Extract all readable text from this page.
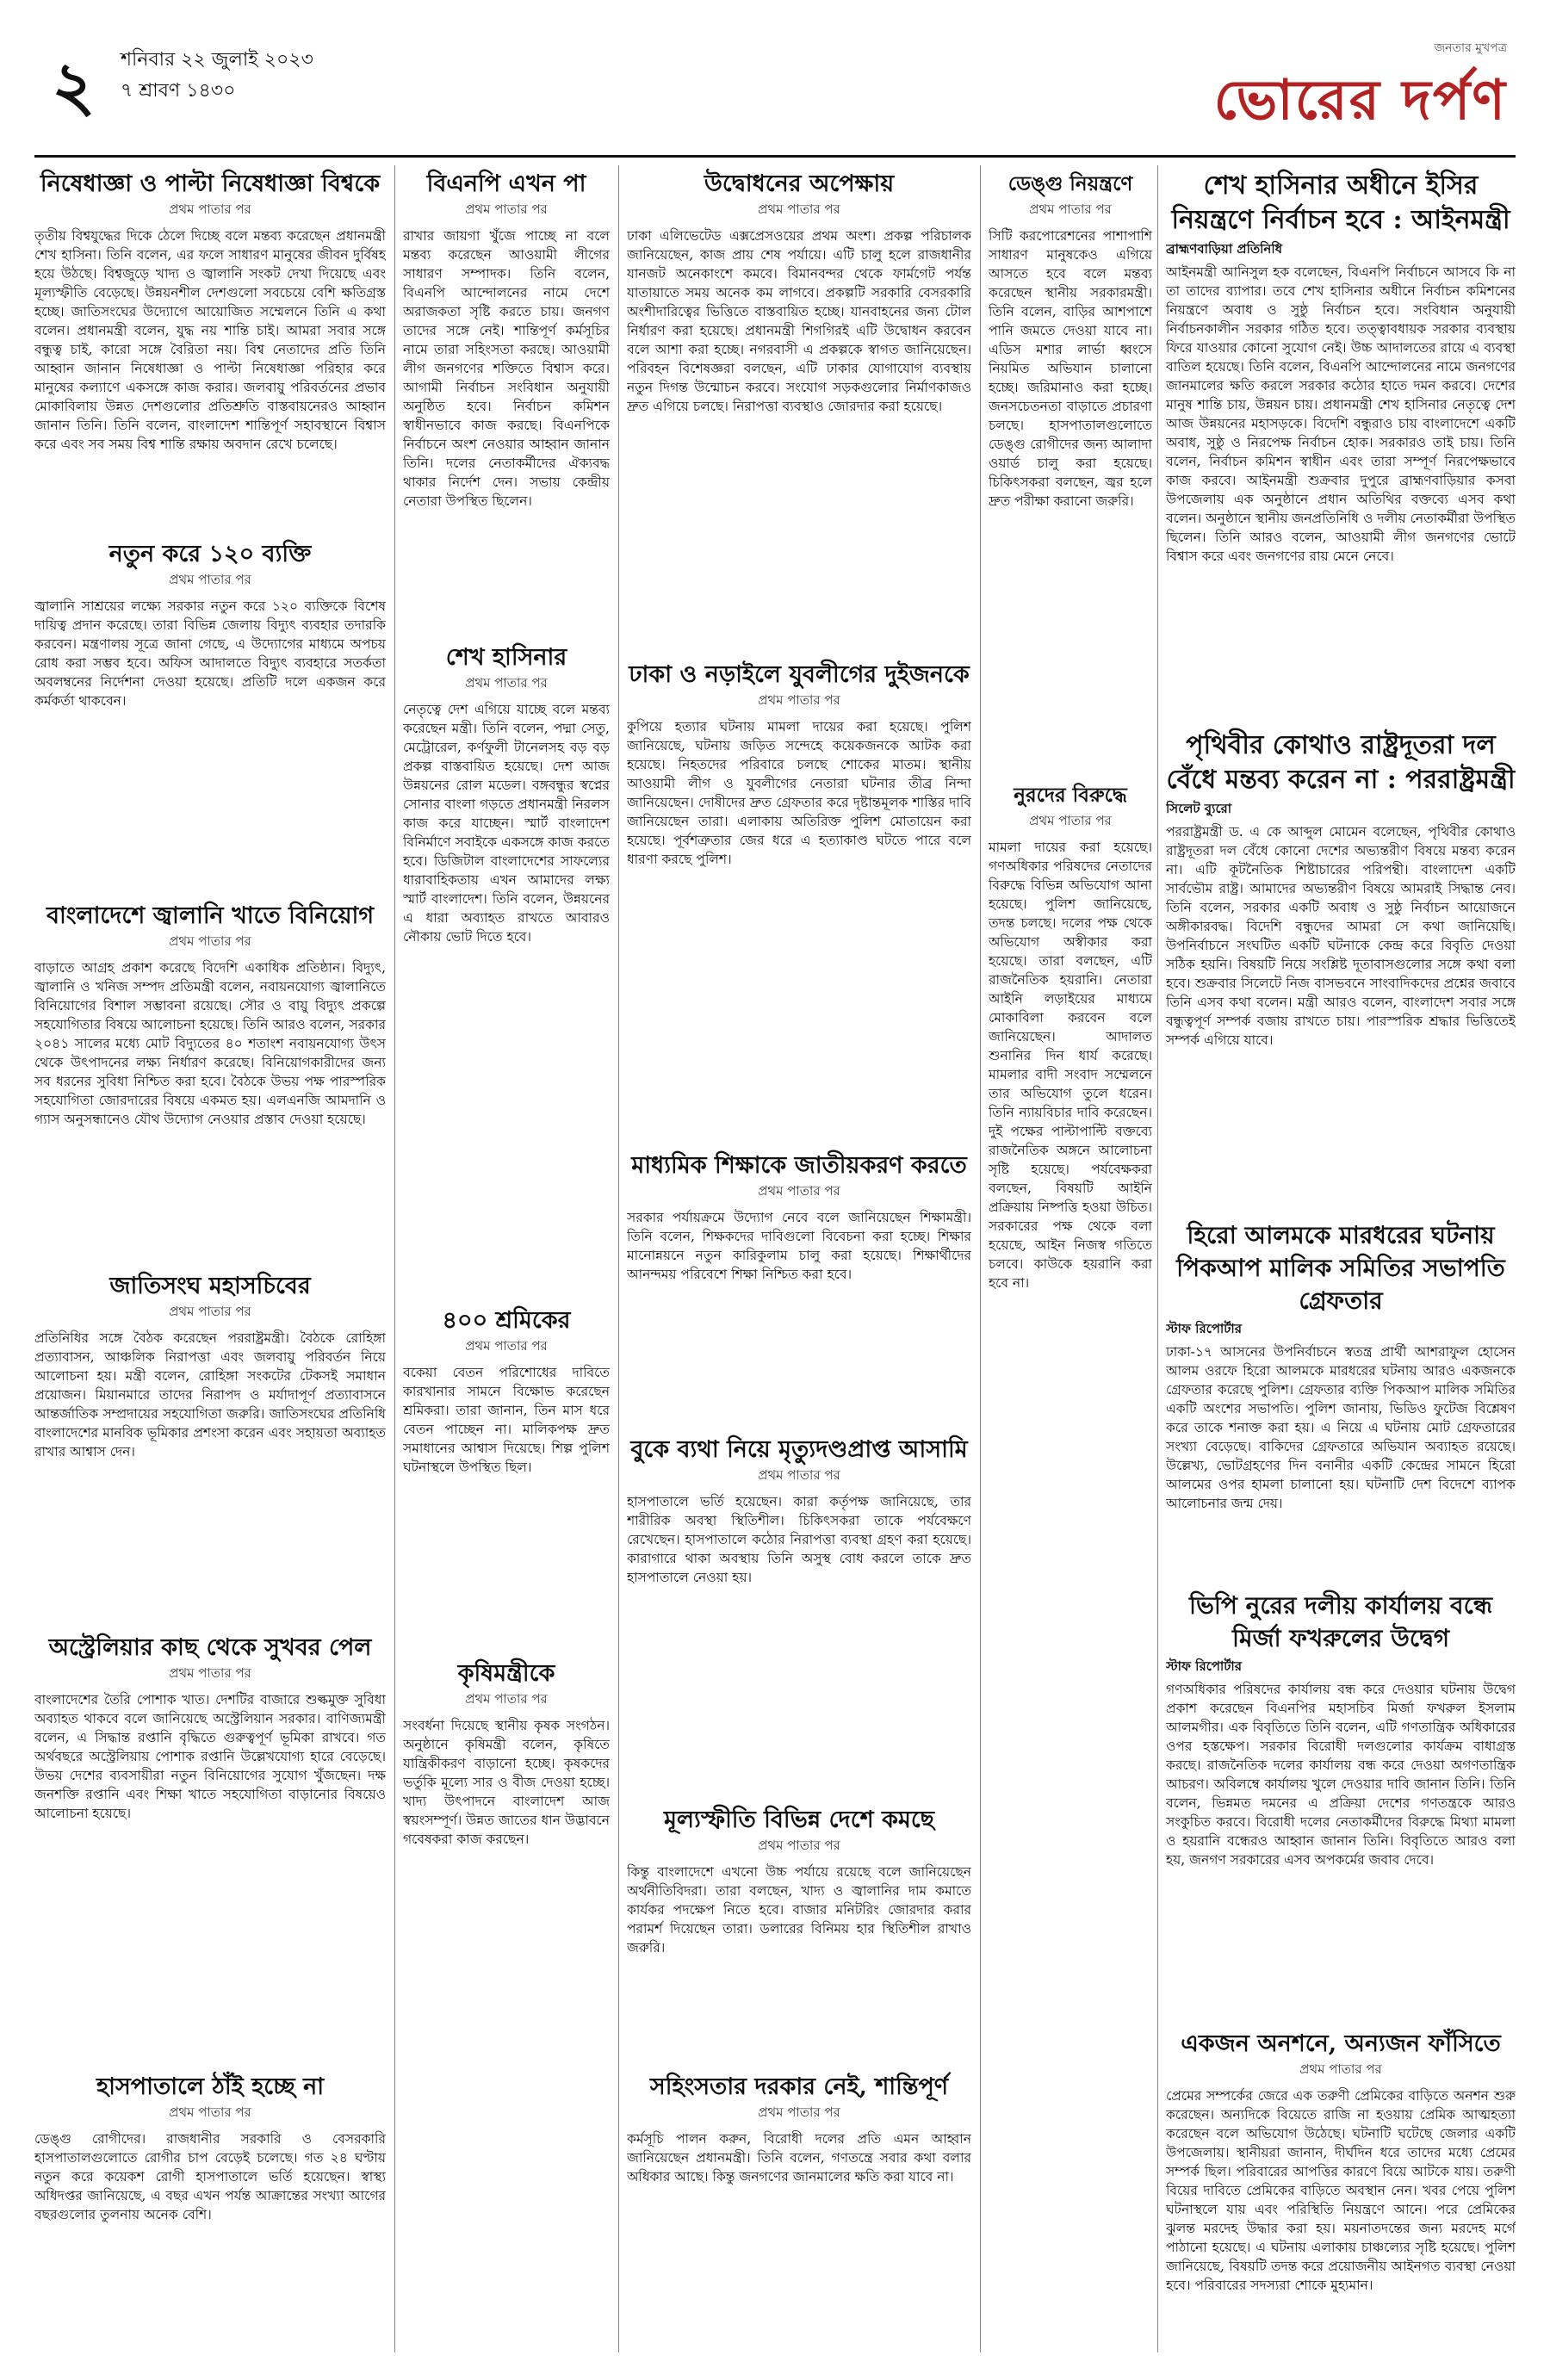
২ শনিবার ২২ জুলাই ২০২৩
৭ শ্রাবণ ১৪৩০
জনতার মুখপত্র
ভোরের দর্পণ
নিষেধাজ্ঞা ও পাল্টা নিষেধাজ্ঞা বিশ্বকে
প্রথম পাতার পর

তৃতীয় বিশ্বযুদ্ধের দিকে ঠেলে দিচ্ছে বলে মন্তব্য করেছেন প্রধানমন্ত্রী শেখ হাসিনা। তিনি বলেন, এর ফলে সাধারণ মানুষের জীবন দুর্বিষহ হয়ে উঠছে। বিশ্বজুড়ে খাদ্য ও জ্বালানি সংকট দেখা দিয়েছে এবং মূল্যস্ফীতি বেড়েছে। উন্নয়নশীল দেশগুলো সবচেয়ে বেশি ক্ষতিগ্রস্ত হচ্ছে। জাতিসংঘের উদ্যোগে আয়োজিত সম্মেলনে তিনি এ কথা বলেন। প্রধানমন্ত্রী বলেন, যুদ্ধ নয় শান্তি চাই। আমরা সবার সঙ্গে বন্ধুত্ব চাই, কারো সঙ্গে বৈরিতা নয়। বিশ্ব নেতাদের প্রতি তিনি আহ্বান জানান নিষেধাজ্ঞা ও পাল্টা নিষেধাজ্ঞা পরিহার করে মানুষের কল্যাণে একসঙ্গে কাজ করার। জলবায়ু পরিবর্তনের প্রভাব মোকাবিলায় উন্নত দেশগুলোর প্রতিশ্রুতি বাস্তবায়নেরও আহ্বান জানান তিনি। তিনি বলেন, বাংলাদেশ শান্তিপূর্ণ সহাবস্থানে বিশ্বাস করে এবং সব সময় বিশ্ব শান্তি রক্ষায় অবদান রেখে চলেছে।

নতুন করে ১২০ ব্যক্তি
প্রথম পাতার পর

জ্বালানি সাশ্রয়ের লক্ষ্যে সরকার নতুন করে ১২০ ব্যক্তিকে বিশেষ দায়িত্ব প্রদান করেছে। তারা বিভিন্ন জেলায় বিদ্যুৎ ব্যবহার তদারকি করবেন। মন্ত্রণালয় সূত্রে জানা গেছে, এ উদ্যোগের মাধ্যমে অপচয় রোধ করা সম্ভব হবে। অফিস আদালতে বিদ্যুৎ ব্যবহারে সতর্কতা অবলম্বনের নির্দেশনা দেওয়া হয়েছে। প্রতিটি দলে একজন করে কর্মকর্তা থাকবেন।

বাংলাদেশে জ্বালানি খাতে বিনিয়োগ
প্রথম পাতার পর

বাড়াতে আগ্রহ প্রকাশ করেছে বিদেশি একাধিক প্রতিষ্ঠান। বিদ্যুৎ, জ্বালানি ও খনিজ সম্পদ প্রতিমন্ত্রী বলেন, নবায়নযোগ্য জ্বালানিতে বিনিয়োগের বিশাল সম্ভাবনা রয়েছে। সৌর ও বায়ু বিদ্যুৎ প্রকল্পে সহযোগিতার বিষয়ে আলোচনা হয়েছে। তিনি আরও বলেন, সরকার ২০৪১ সালের মধ্যে মোট বিদ্যুতের ৪০ শতাংশ নবায়নযোগ্য উৎস থেকে উৎপাদনের লক্ষ্য নির্ধারণ করেছে। বিনিয়োগকারীদের জন্য সব ধরনের সুবিধা নিশ্চিত করা হবে। বৈঠকে উভয় পক্ষ পারস্পরিক সহযোগিতা জোরদারের বিষয়ে একমত হয়। এলএনজি আমদানি ও গ্যাস অনুসন্ধানেও যৌথ উদ্যোগ নেওয়ার প্রস্তাব দেওয়া হয়েছে।

জাতিসংঘ মহাসচিবের
প্রথম পাতার পর

প্রতিনিধির সঙ্গে বৈঠক করেছেন পররাষ্ট্রমন্ত্রী। বৈঠকে রোহিঙ্গা প্রত্যাবাসন, আঞ্চলিক নিরাপত্তা এবং জলবায়ু পরিবর্তন নিয়ে আলোচনা হয়। মন্ত্রী বলেন, রোহিঙ্গা সংকটের টেকসই সমাধান প্রয়োজন। মিয়ানমারে তাদের নিরাপদ ও মর্যাদাপূর্ণ প্রত্যাবাসনে আন্তর্জাতিক সম্প্রদায়ের সহযোগিতা জরুরি। জাতিসংঘের প্রতিনিধি বাংলাদেশের মানবিক ভূমিকার প্রশংসা করেন এবং সহায়তা অব্যাহত রাখার আশ্বাস দেন।

অস্ট্রেলিয়ার কাছ থেকে সুখবর পেল
প্রথম পাতার পর

বাংলাদেশের তৈরি পোশাক খাত। দেশটির বাজারে শুল্কমুক্ত সুবিধা অব্যাহত থাকবে বলে জানিয়েছে অস্ট্রেলিয়ান সরকার। বাণিজ্যমন্ত্রী বলেন, এ সিদ্ধান্ত রপ্তানি বৃদ্ধিতে গুরুত্বপূর্ণ ভূমিকা রাখবে। গত অর্থবছরে অস্ট্রেলিয়ায় পোশাক রপ্তানি উল্লেখযোগ্য হারে বেড়েছে। উভয় দেশের ব্যবসায়ীরা নতুন বিনিয়োগের সুযোগ খুঁজছেন। দক্ষ জনশক্তি রপ্তানি এবং শিক্ষা খাতে সহযোগিতা বাড়ানোর বিষয়েও আলোচনা হয়েছে।

হাসপাতালে ঠাঁই হচ্ছে না
প্রথম পাতার পর

ডেঙ্গু রোগীদের। রাজধানীর সরকারি ও বেসরকারি হাসপাতালগুলোতে রোগীর চাপ বেড়েই চলেছে। গত ২৪ ঘণ্টায় নতুন করে কয়েকশ রোগী হাসপাতালে ভর্তি হয়েছেন। স্বাস্থ্য অধিদপ্তর জানিয়েছে, এ বছর এখন পর্যন্ত আক্রান্তের সংখ্যা আগের বছরগুলোর তুলনায় অনেক বেশি।

বিএনপি এখন পা
প্রথম পাতার পর

রাখার জায়গা খুঁজে পাচ্ছে না বলে মন্তব্য করেছেন আওয়ামী লীগের সাধারণ সম্পাদক। তিনি বলেন, বিএনপি আন্দোলনের নামে দেশে অরাজকতা সৃষ্টি করতে চায়। জনগণ তাদের সঙ্গে নেই। শান্তিপূর্ণ কর্মসূচির নামে তারা সহিংসতা করছে। আওয়ামী লীগ জনগণের শক্তিতে বিশ্বাস করে। আগামী নির্বাচন সংবিধান অনুযায়ী অনুষ্ঠিত হবে। নির্বাচন কমিশন স্বাধীনভাবে কাজ করছে। বিএনপিকে নির্বাচনে অংশ নেওয়ার আহ্বান জানান তিনি। দলের নেতাকর্মীদের ঐক্যবদ্ধ থাকার নির্দেশ দেন। সভায় কেন্দ্রীয় নেতারা উপস্থিত ছিলেন।

শেখ হাসিনার
প্রথম পাতার পর

নেতৃত্বে দেশ এগিয়ে যাচ্ছে বলে মন্তব্য করেছেন মন্ত্রী। তিনি বলেন, পদ্মা সেতু, মেট্রোরেল, কর্ণফুলী টানেলসহ বড় বড় প্রকল্প বাস্তবায়িত হয়েছে। দেশ আজ উন্নয়নের রোল মডেল। বঙ্গবন্ধুর স্বপ্নের সোনার বাংলা গড়তে প্রধানমন্ত্রী নিরলস কাজ করে যাচ্ছেন। স্মার্ট বাংলাদেশ বিনির্মাণে সবাইকে একসঙ্গে কাজ করতে হবে। ডিজিটাল বাংলাদেশের সাফল্যের ধারাবাহিকতায় এখন আমাদের লক্ষ্য স্মার্ট বাংলাদেশ। তিনি বলেন, উন্নয়নের এ ধারা অব্যাহত রাখতে আবারও নৌকায় ভোট দিতে হবে।

৪০০ শ্রমিকের
প্রথম পাতার পর

বকেয়া বেতন পরিশোধের দাবিতে কারখানার সামনে বিক্ষোভ করেছেন শ্রমিকরা। তারা জানান, তিন মাস ধরে বেতন পাচ্ছেন না। মালিকপক্ষ দ্রুত সমাধানের আশ্বাস দিয়েছে। শিল্প পুলিশ ঘটনাস্থলে উপস্থিত ছিল।

কৃষিমন্ত্রীকে
প্রথম পাতার পর

সংবর্ধনা দিয়েছে স্থানীয় কৃষক সংগঠন। অনুষ্ঠানে কৃষিমন্ত্রী বলেন, কৃষিতে যান্ত্রিকীকরণ বাড়ানো হচ্ছে। কৃষকদের ভর্তুকি মূল্যে সার ও বীজ দেওয়া হচ্ছে। খাদ্য উৎপাদনে বাংলাদেশ আজ স্বয়ংসম্পূর্ণ। উন্নত জাতের ধান উদ্ভাবনে গবেষকরা কাজ করছেন।

উদ্বোধনের অপেক্ষায়
প্রথম পাতার পর

ঢাকা এলিভেটেড এক্সপ্রেসওয়ের প্রথম অংশ। প্রকল্প পরিচালক জানিয়েছেন, কাজ প্রায় শেষ পর্যায়ে। এটি চালু হলে রাজধানীর যানজট অনেকাংশে কমবে। বিমানবন্দর থেকে ফার্মগেট পর্যন্ত যাতায়াতে সময় অনেক কম লাগবে। প্রকল্পটি সরকারি বেসরকারি অংশীদারিত্বের ভিত্তিতে বাস্তবায়িত হচ্ছে। যানবাহনের জন্য টোল নির্ধারণ করা হয়েছে। প্রধানমন্ত্রী শিগগিরই এটি উদ্বোধন করবেন বলে আশা করা হচ্ছে। নগরবাসী এ প্রকল্পকে স্বাগত জানিয়েছেন। পরিবহন বিশেষজ্ঞরা বলছেন, এটি ঢাকার যোগাযোগ ব্যবস্থায় নতুন দিগন্ত উন্মোচন করবে। সংযোগ সড়কগুলোর নির্মাণকাজও দ্রুত এগিয়ে চলছে। নিরাপত্তা ব্যবস্থাও জোরদার করা হয়েছে।

ঢাকা ও নড়াইলে যুবলীগের দুইজনকে
প্রথম পাতার পর

কুপিয়ে হত্যার ঘটনায় মামলা দায়ের করা হয়েছে। পুলিশ জানিয়েছে, ঘটনায় জড়িত সন্দেহে কয়েকজনকে আটক করা হয়েছে। নিহতদের পরিবারে চলছে শোকের মাতম। স্থানীয় আওয়ামী লীগ ও যুবলীগের নেতারা ঘটনার তীব্র নিন্দা জানিয়েছেন। দোষীদের দ্রুত গ্রেফতার করে দৃষ্টান্তমূলক শাস্তির দাবি জানিয়েছেন তারা। এলাকায় অতিরিক্ত পুলিশ মোতায়েন করা হয়েছে। পূর্বশত্রুতার জের ধরে এ হত্যাকাণ্ড ঘটতে পারে বলে ধারণা করছে পুলিশ।

মাধ্যমিক শিক্ষাকে জাতীয়করণ করতে
প্রথম পাতার পর

সরকার পর্যায়ক্রমে উদ্যোগ নেবে বলে জানিয়েছেন শিক্ষামন্ত্রী। তিনি বলেন, শিক্ষকদের দাবিগুলো বিবেচনা করা হচ্ছে। শিক্ষার মানোন্নয়নে নতুন কারিকুলাম চালু করা হয়েছে। শিক্ষার্থীদের আনন্দময় পরিবেশে শিক্ষা নিশ্চিত করা হবে।

বুকে ব্যথা নিয়ে মৃত্যুদণ্ডপ্রাপ্ত আসামি
প্রথম পাতার পর

হাসপাতালে ভর্তি হয়েছেন। কারা কর্তৃপক্ষ জানিয়েছে, তার শারীরিক অবস্থা স্থিতিশীল। চিকিৎসকরা তাকে পর্যবেক্ষণে রেখেছেন। হাসপাতালে কঠোর নিরাপত্তা ব্যবস্থা গ্রহণ করা হয়েছে। কারাগারে থাকা অবস্থায় তিনি অসুস্থ বোধ করলে তাকে দ্রুত হাসপাতালে নেওয়া হয়।

মূল্যস্ফীতি বিভিন্ন দেশে কমছে
প্রথম পাতার পর

কিন্তু বাংলাদেশে এখনো উচ্চ পর্যায়ে রয়েছে বলে জানিয়েছেন অর্থনীতিবিদরা। তারা বলছেন, খাদ্য ও জ্বালানির দাম কমাতে কার্যকর পদক্ষেপ নিতে হবে। বাজার মনিটরিং জোরদার করার পরামর্শ দিয়েছেন তারা। ডলারের বিনিময় হার স্থিতিশীল রাখাও জরুরি।

সহিংসতার দরকার নেই, শান্তিপূর্ণ
প্রথম পাতার পর

কর্মসূচি পালন করুন, বিরোধী দলের প্রতি এমন আহ্বান জানিয়েছেন প্রধানমন্ত্রী। তিনি বলেন, গণতন্ত্রে সবার কথা বলার অধিকার আছে। কিন্তু জনগণের জানমালের ক্ষতি করা যাবে না।

ডেঙ্গু নিয়ন্ত্রণে
প্রথম পাতার পর

সিটি করপোরেশনের পাশাপাশি সাধারণ মানুষকেও এগিয়ে আসতে হবে বলে মন্তব্য করেছেন স্থানীয় সরকারমন্ত্রী। তিনি বলেন, বাড়ির আশপাশে পানি জমতে দেওয়া যাবে না। এডিস মশার লার্ভা ধ্বংসে নিয়মিত অভিযান চালানো হচ্ছে। জরিমানাও করা হচ্ছে। জনসচেতনতা বাড়াতে প্রচারণা চলছে। হাসপাতালগুলোতে ডেঙ্গু রোগীদের জন্য আলাদা ওয়ার্ড চালু করা হয়েছে। চিকিৎসকরা বলছেন, জ্বর হলে দ্রুত পরীক্ষা করানো জরুরি।

নুরদের বিরুদ্ধে
প্রথম পাতার পর

মামলা দায়ের করা হয়েছে। গণঅধিকার পরিষদের নেতাদের বিরুদ্ধে বিভিন্ন অভিযোগ আনা হয়েছে। পুলিশ জানিয়েছে, তদন্ত চলছে। দলের পক্ষ থেকে অভিযোগ অস্বীকার করা হয়েছে। তারা বলছেন, এটি রাজনৈতিক হয়রানি। নেতারা আইনি লড়াইয়ের মাধ্যমে মোকাবিলা করবেন বলে জানিয়েছেন। আদালত শুনানির দিন ধার্য করেছে। মামলার বাদী সংবাদ সম্মেলনে তার অভিযোগ তুলে ধরেন। তিনি ন্যায়বিচার দাবি করেছেন। দুই পক্ষের পাল্টাপাল্টি বক্তব্যে রাজনৈতিক অঙ্গনে আলোচনা সৃষ্টি হয়েছে। পর্যবেক্ষকরা বলছেন, বিষয়টি আইনি প্রক্রিয়ায় নিষ্পত্তি হওয়া উচিত। সরকারের পক্ষ থেকে বলা হয়েছে, আইন নিজস্ব গতিতে চলবে। কাউকে হয়রানি করা হবে না।

শেখ হাসিনার অধীনে ইসির নিয়ন্ত্রণে নির্বাচন হবে : আইনমন্ত্রী
ব্রাহ্মণবাড়িয়া প্রতিনিধি

আইনমন্ত্রী আনিসুল হক বলেছেন, বিএনপি নির্বাচনে আসবে কি না তা তাদের ব্যাপার। তবে শেখ হাসিনার অধীনে নির্বাচন কমিশনের নিয়ন্ত্রণে অবাধ ও সুষ্ঠু নির্বাচন হবে। সংবিধান অনুযায়ী নির্বাচনকালীন সরকার গঠিত হবে। তত্ত্বাবধায়ক সরকার ব্যবস্থায় ফিরে যাওয়ার কোনো সুযোগ নেই। উচ্চ আদালতের রায়ে এ ব্যবস্থা বাতিল হয়েছে। তিনি বলেন, বিএনপি আন্দোলনের নামে জনগণের জানমালের ক্ষতি করলে সরকার কঠোর হাতে দমন করবে। দেশের মানুষ শান্তি চায়, উন্নয়ন চায়। প্রধানমন্ত্রী শেখ হাসিনার নেতৃত্বে দেশ আজ উন্নয়নের মহাসড়কে। বিদেশি বন্ধুরাও চায় বাংলাদেশে একটি অবাধ, সুষ্ঠু ও নিরপেক্ষ নির্বাচন হোক। সরকারও তাই চায়। তিনি বলেন, নির্বাচন কমিশন স্বাধীন এবং তারা সম্পূর্ণ নিরপেক্ষভাবে কাজ করবে। আইনমন্ত্রী শুক্রবার দুপুরে ব্রাহ্মণবাড়িয়ার কসবা উপজেলায় এক অনুষ্ঠানে প্রধান অতিথির বক্তব্যে এসব কথা বলেন। অনুষ্ঠানে স্থানীয় জনপ্রতিনিধি ও দলীয় নেতাকর্মীরা উপস্থিত ছিলেন। তিনি আরও বলেন, আওয়ামী লীগ জনগণের ভোটে বিশ্বাস করে এবং জনগণের রায় মেনে নেবে।

পৃথিবীর কোথাও রাষ্ট্রদূতরা দল বেঁধে মন্তব্য করেন না : পররাষ্ট্রমন্ত্রী
সিলেট ব্যুরো

পররাষ্ট্রমন্ত্রী ড. এ কে আব্দুল মোমেন বলেছেন, পৃথিবীর কোথাও রাষ্ট্রদূতরা দল বেঁধে কোনো দেশের অভ্যন্তরীণ বিষয়ে মন্তব্য করেন না। এটি কূটনৈতিক শিষ্টাচারের পরিপন্থী। বাংলাদেশ একটি সার্বভৌম রাষ্ট্র। আমাদের অভ্যন্তরীণ বিষয়ে আমরাই সিদ্ধান্ত নেব। তিনি বলেন, সরকার একটি অবাধ ও সুষ্ঠু নির্বাচন আয়োজনে অঙ্গীকারবদ্ধ। বিদেশি বন্ধুদের আমরা সে কথা জানিয়েছি। উপনির্বাচনে সংঘটিত একটি ঘটনাকে কেন্দ্র করে বিবৃতি দেওয়া সঠিক হয়নি। বিষয়টি নিয়ে সংশ্লিষ্ট দূতাবাসগুলোর সঙ্গে কথা বলা হবে। শুক্রবার সিলেটে নিজ বাসভবনে সাংবাদিকদের প্রশ্নের জবাবে তিনি এসব কথা বলেন। মন্ত্রী আরও বলেন, বাংলাদেশ সবার সঙ্গে বন্ধুত্বপূর্ণ সম্পর্ক বজায় রাখতে চায়। পারস্পরিক শ্রদ্ধার ভিত্তিতেই সম্পর্ক এগিয়ে যাবে।

হিরো আলমকে মারধরের ঘটনায় পিকআপ মালিক সমিতির সভাপতি গ্রেফতার
স্টাফ রিপোর্টার

ঢাকা-১৭ আসনের উপনির্বাচনে স্বতন্ত্র প্রার্থী আশরাফুল হোসেন আলম ওরফে হিরো আলমকে মারধরের ঘটনায় আরও একজনকে গ্রেফতার করেছে পুলিশ। গ্রেফতার ব্যক্তি পিকআপ মালিক সমিতির একটি অংশের সভাপতি। পুলিশ জানায়, ভিডিও ফুটেজ বিশ্লেষণ করে তাকে শনাক্ত করা হয়। এ নিয়ে এ ঘটনায় মোট গ্রেফতারের সংখ্যা বেড়েছে। বাকিদের গ্রেফতারে অভিযান অব্যাহত রয়েছে। উল্লেখ্য, ভোটগ্রহণের দিন বনানীর একটি কেন্দ্রের সামনে হিরো আলমের ওপর হামলা চালানো হয়। ঘটনাটি দেশ বিদেশে ব্যাপক আলোচনার জন্ম দেয়।

ভিপি নুরের দলীয় কার্যালয় বন্ধে মির্জা ফখরুলের উদ্বেগ
স্টাফ রিপোর্টার

গণঅধিকার পরিষদের কার্যালয় বন্ধ করে দেওয়ার ঘটনায় উদ্বেগ প্রকাশ করেছেন বিএনপির মহাসচিব মির্জা ফখরুল ইসলাম আলমগীর। এক বিবৃতিতে তিনি বলেন, এটি গণতান্ত্রিক অধিকারের ওপর হস্তক্ষেপ। সরকার বিরোধী দলগুলোর কার্যক্রম বাধাগ্রস্ত করছে। রাজনৈতিক দলের কার্যালয় বন্ধ করে দেওয়া অগণতান্ত্রিক আচরণ। অবিলম্বে কার্যালয় খুলে দেওয়ার দাবি জানান তিনি। তিনি বলেন, ভিন্নমত দমনের এ প্রক্রিয়া দেশের গণতন্ত্রকে আরও সংকুচিত করবে। বিরোধী দলের নেতাকর্মীদের বিরুদ্ধে মিথ্যা মামলা ও হয়রানি বন্ধেরও আহ্বান জানান তিনি। বিবৃতিতে আরও বলা হয়, জনগণ সরকারের এসব অপকর্মের জবাব দেবে।

একজন অনশনে, অন্যজন ফাঁসিতে
প্রথম পাতার পর

প্রেমের সম্পর্কের জেরে এক তরুণী প্রেমিকের বাড়িতে অনশন শুরু করেছেন। অন্যদিকে বিয়েতে রাজি না হওয়ায় প্রেমিক আত্মহত্যা করেছেন বলে অভিযোগ উঠেছে। ঘটনাটি ঘটেছে জেলার একটি উপজেলায়। স্থানীয়রা জানান, দীর্ঘদিন ধরে তাদের মধ্যে প্রেমের সম্পর্ক ছিল। পরিবারের আপত্তির কারণে বিয়ে আটকে যায়। তরুণী বিয়ের দাবিতে প্রেমিকের বাড়িতে অবস্থান নেন। খবর পেয়ে পুলিশ ঘটনাস্থলে যায় এবং পরিস্থিতি নিয়ন্ত্রণে আনে। পরে প্রেমিকের ঝুলন্ত মরদেহ উদ্ধার করা হয়। ময়নাতদন্তের জন্য মরদেহ মর্গে পাঠানো হয়েছে। এ ঘটনায় এলাকায় চাঞ্চল্যের সৃষ্টি হয়েছে। পুলিশ জানিয়েছে, বিষয়টি তদন্ত করে প্রয়োজনীয় আইনগত ব্যবস্থা নেওয়া হবে। পরিবারের সদস্যরা শোকে মুহ্যমান।
